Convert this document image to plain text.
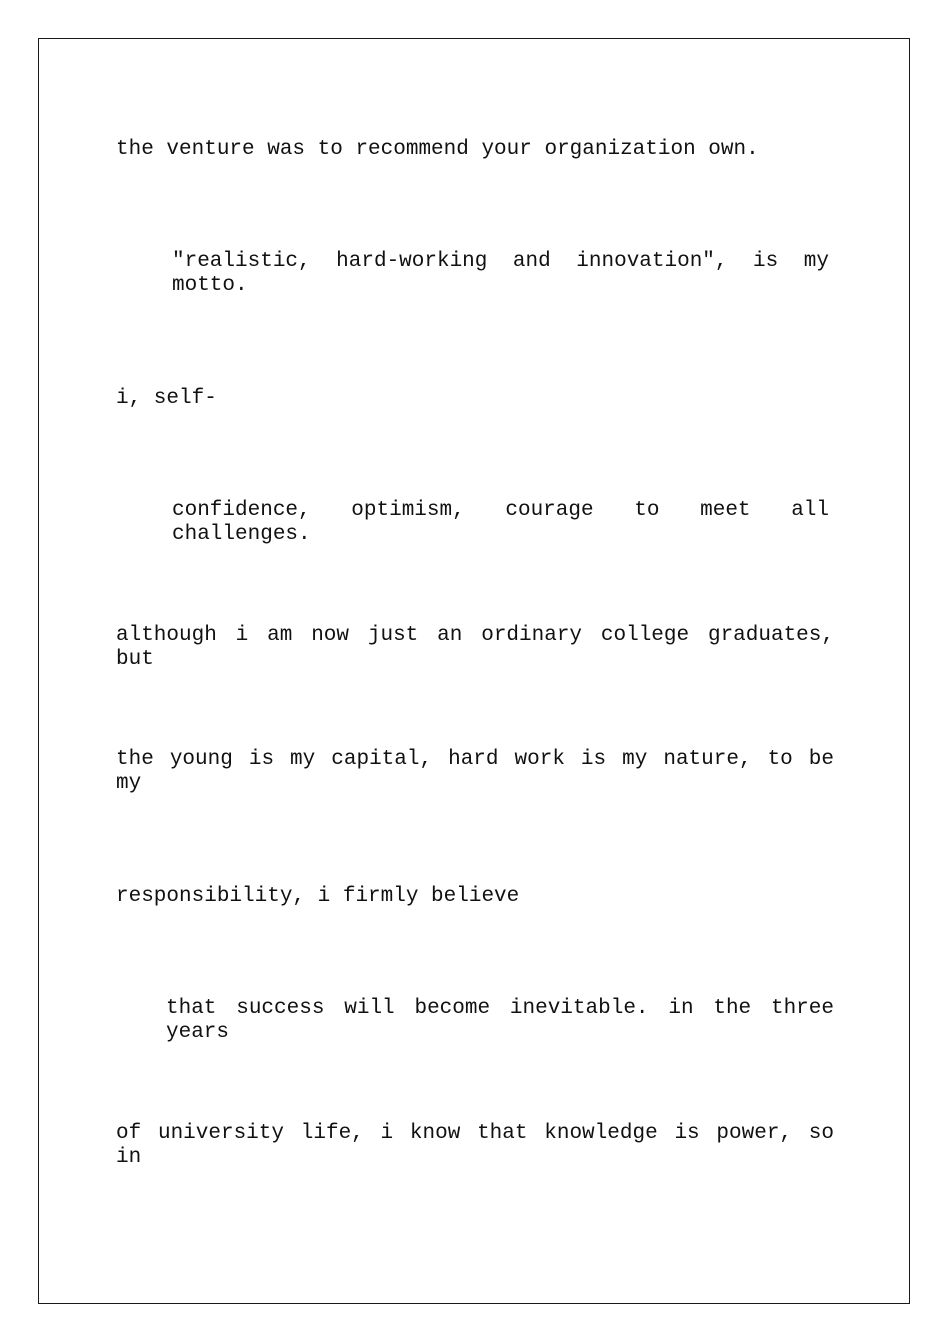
the venture was to recommend your organization own.
"realistic, hard-working and innovation", is my motto.
i, self-
confidence, optimism, courage to meet all challenges.
although i am now just an ordinary college graduates, but
the young is my capital, hard work is my nature, to be my
responsibility, i firmly believe
that success will become inevitable. in the three years
of university life, i know that knowledge is power, so in
